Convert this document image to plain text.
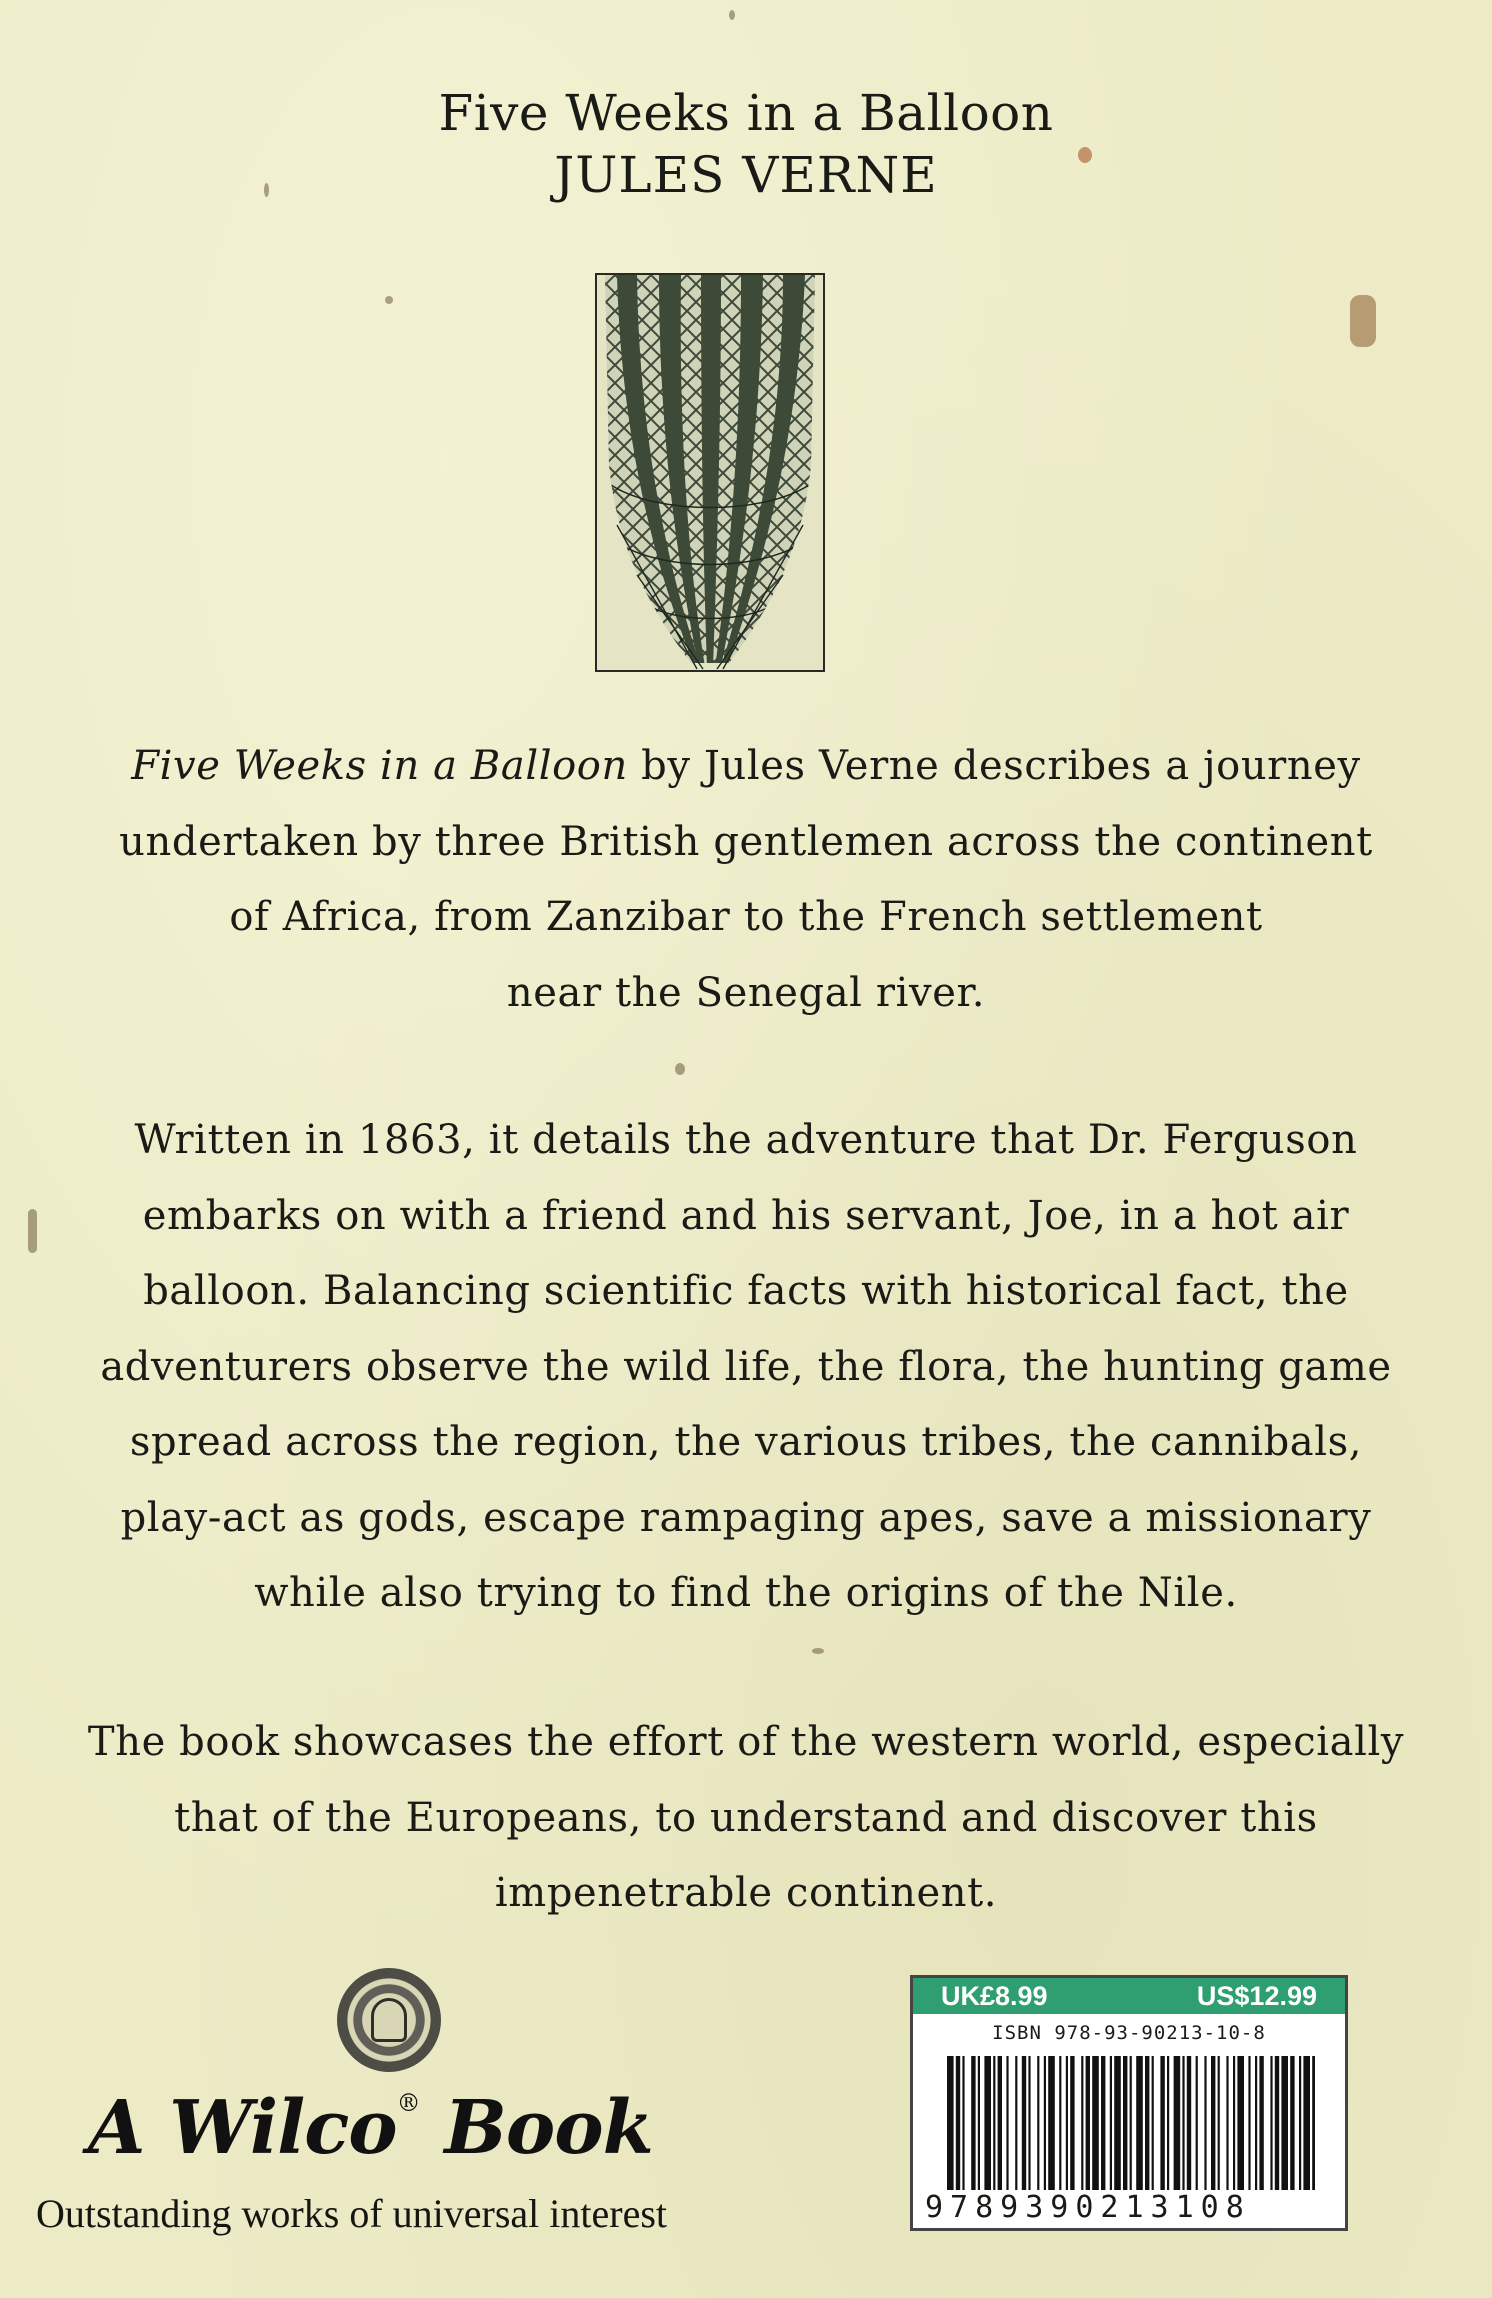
Five Weeks in a Balloon
JULES VERNE
Five Weeks in a Balloon by Jules Verne describes a journey
undertaken by three British gentlemen across the continent
of Africa, from Zanzibar to the French settlement
near the Senegal river.
Written in 1863, it details the adventure that Dr. Ferguson
embarks on with a friend and his servant, Joe, in a hot air
balloon. Balancing scientific facts with historical fact, the
adventurers observe the wild life, the flora, the hunting game
spread across the region, the various tribes, the cannibals,
play-act as gods, escape rampaging apes, save a missionary
while also trying to find the origins of the Nile.
The book showcases the effort of the western world, especially
that of the Europeans, to understand and discover this
impenetrable continent.
A Wilco® Book
Outstanding works of universal interest
UK£8.99	US$12.99
ISBN 978-93-90213-10-8
9789390213108
